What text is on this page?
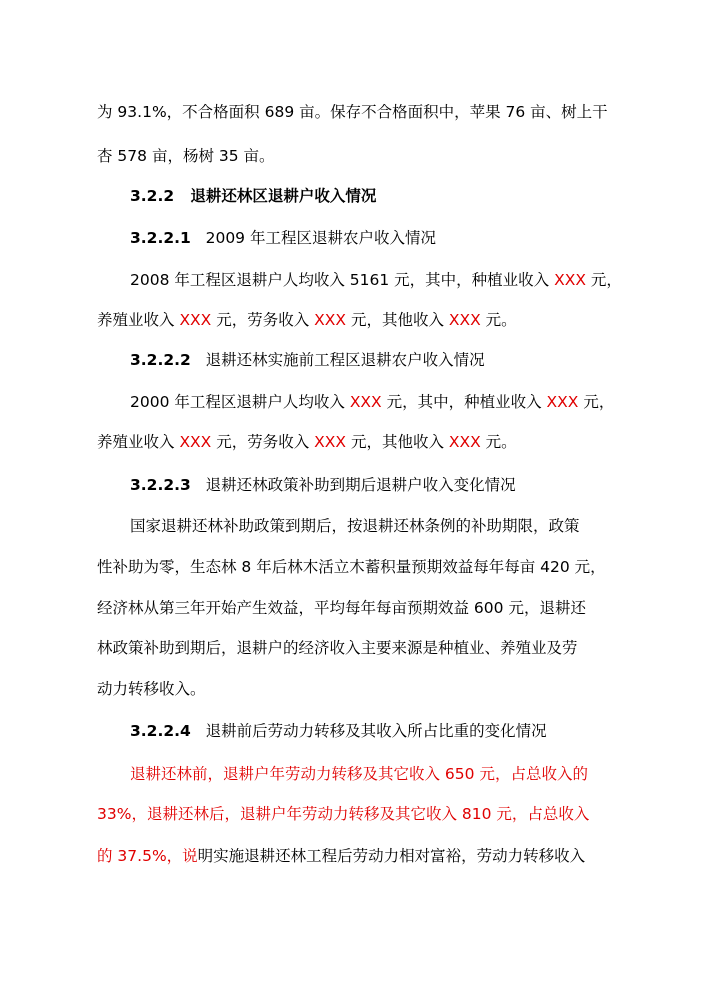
为 93.1%，不合格面积 689 亩。保存不合格面积中，苹果 76 亩、树上干
杏 578 亩，杨树 35 亩。
3.2.2 退耕还林区退耕户收入情况
3.2.2.1 2009 年工程区退耕农户收入情况
2008 年工程区退耕户人均收入 5161 元，其中，种植业收入 XXX 元，
养殖业收入 XXX 元，劳务收入 XXX 元，其他收入 XXX 元。
3.2.2.2 退耕还林实施前工程区退耕农户收入情况
2000 年工程区退耕户人均收入 XXX 元，其中，种植业收入 XXX 元，
养殖业收入 XXX 元，劳务收入 XXX 元，其他收入 XXX 元。
3.2.2.3 退耕还林政策补助到期后退耕户收入变化情况
国家退耕还林补助政策到期后，按退耕还林条例的补助期限，政策
性补助为零，生态林 8 年后林木活立木蓄积量预期效益每年每亩 420 元，
经济林从第三年开始产生效益，平均每年每亩预期效益 600 元，退耕还
林政策补助到期后，退耕户的经济收入主要来源是种植业、养殖业及劳
动力转移收入。
3.2.2.4 退耕前后劳动力转移及其收入所占比重的变化情况
退耕还林前，退耕户年劳动力转移及其它收入 650 元，占总收入的
33%，退耕还林后，退耕户年劳动力转移及其它收入 810 元，占总收入
的 37.5%，说明实施退耕还林工程后劳动力相对富裕，劳动力转移收入
